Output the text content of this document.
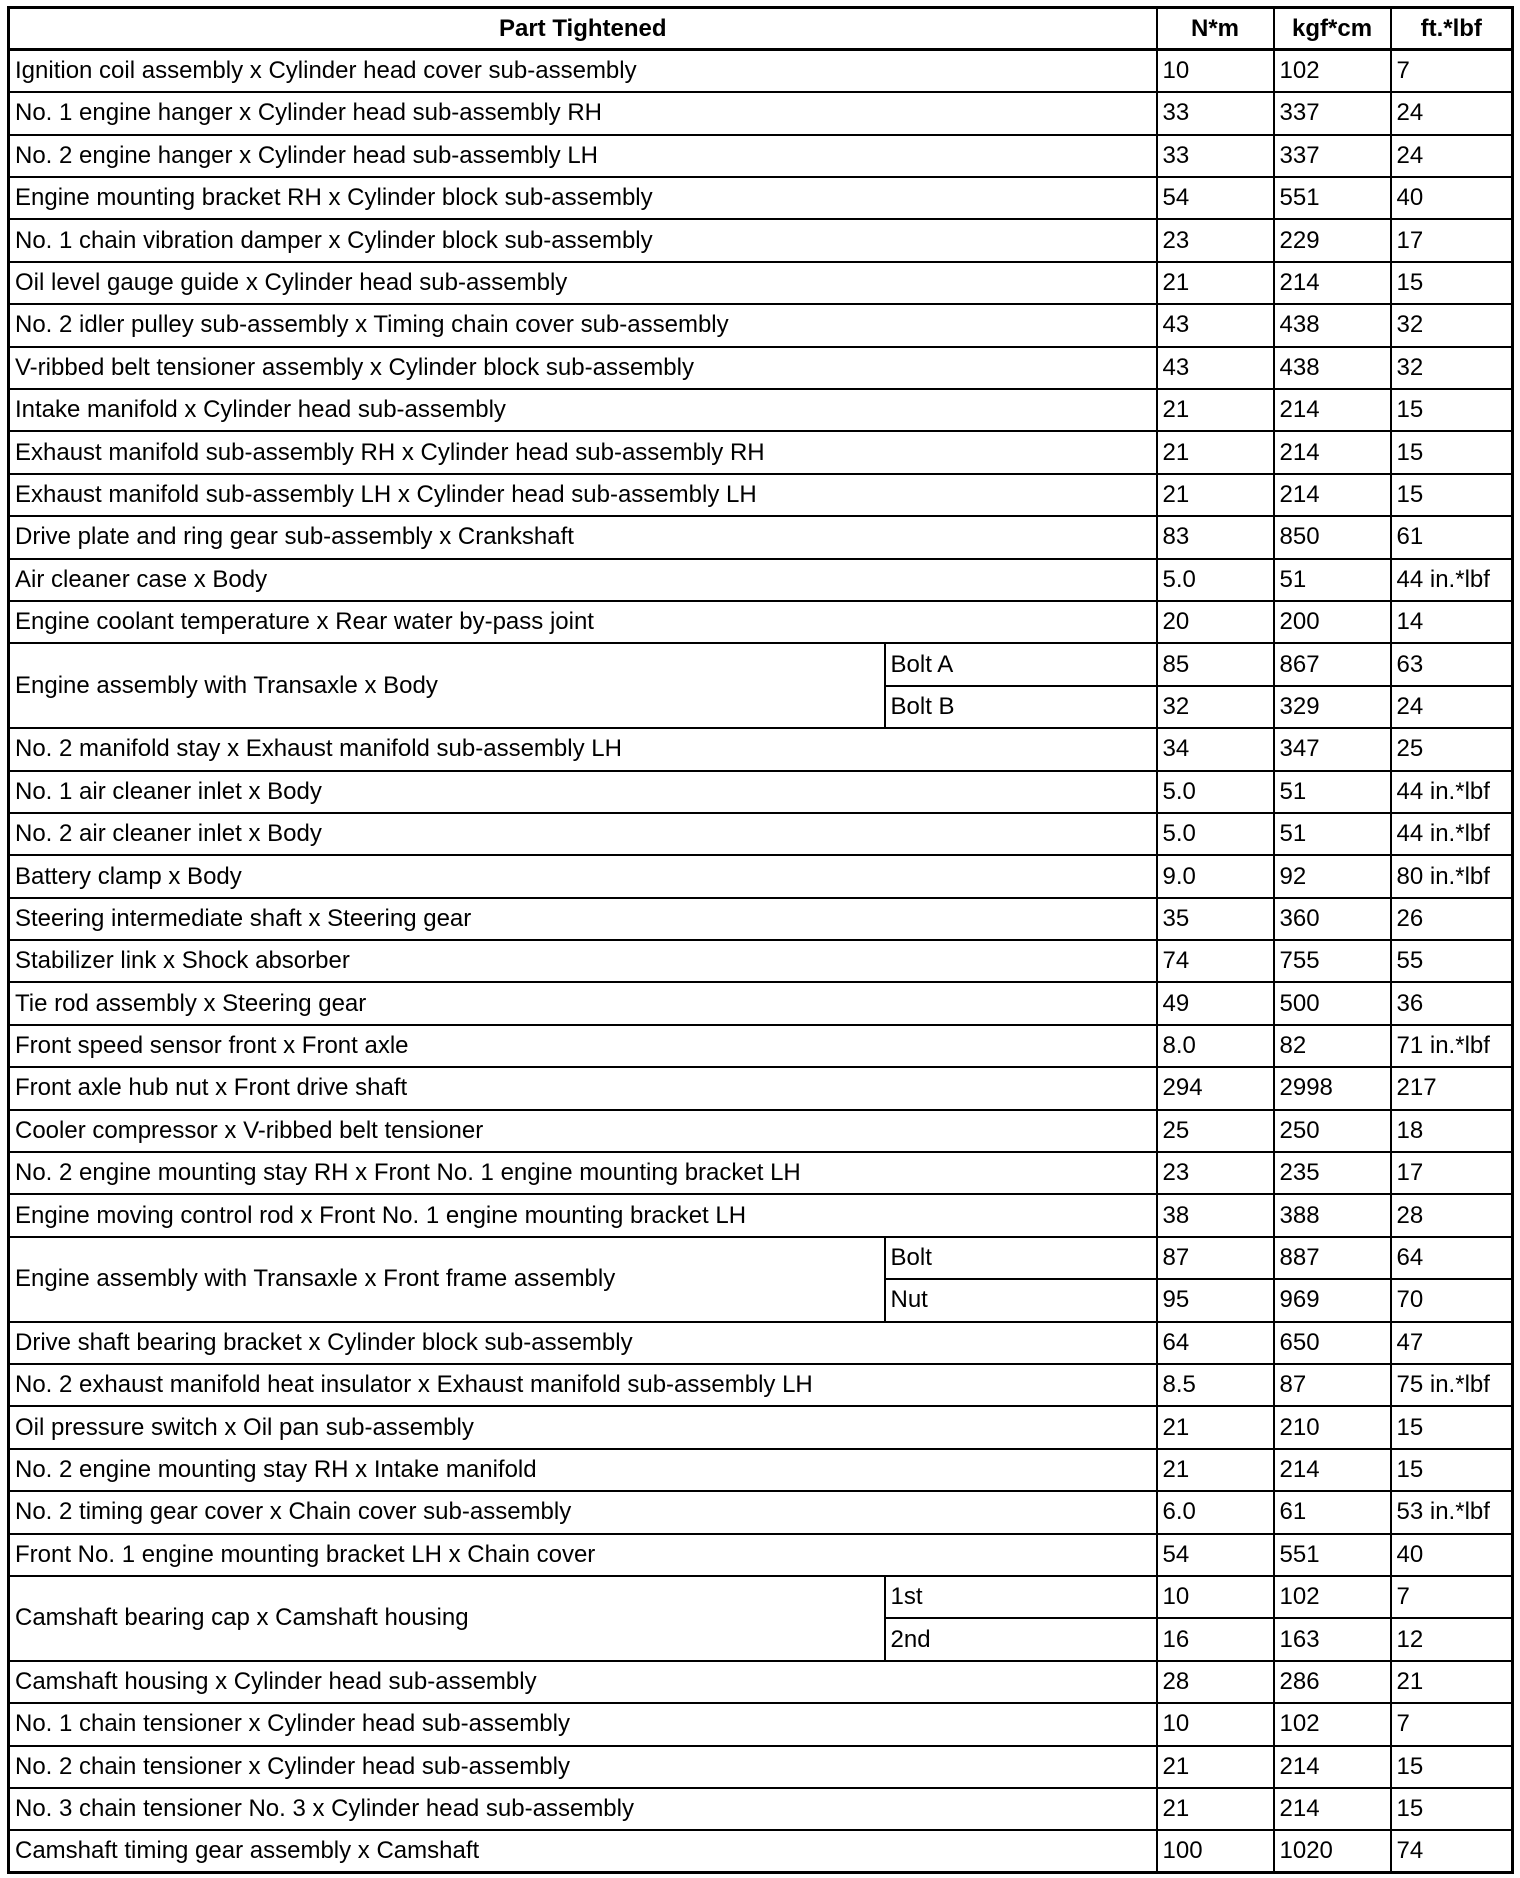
Part Tightened		N*m	kgf*cm	ft.*lbf
Ignition coil assembly x Cylinder head cover sub-assembly		10	102	7
No. 1 engine hanger x Cylinder head sub-assembly RH		33	337	24
No. 2 engine hanger x Cylinder head sub-assembly LH		33	337	24
Engine mounting bracket RH x Cylinder block sub-assembly		54	551	40
No. 1 chain vibration damper x Cylinder block sub-assembly		23	229	17
Oil level gauge guide x Cylinder head sub-assembly		21	214	15
No. 2 idler pulley sub-assembly x Timing chain cover sub-assembly		43	438	32
V-ribbed belt tensioner assembly x Cylinder block sub-assembly		43	438	32
Intake manifold x Cylinder head sub-assembly		21	214	15
Exhaust manifold sub-assembly RH x Cylinder head sub-assembly RH		21	214	15
Exhaust manifold sub-assembly LH x Cylinder head sub-assembly LH		21	214	15
Drive plate and ring gear sub-assembly x Crankshaft		83	850	61
Air cleaner case x Body		5.0	51	44 in.*lbf
Engine coolant temperature x Rear water by-pass joint		20	200	14
Engine assembly with Transaxle x Body	Bolt A	85	867	63
	Bolt B	32	329	24
No. 2 manifold stay x Exhaust manifold sub-assembly LH		34	347	25
No. 1 air cleaner inlet x Body		5.0	51	44 in.*lbf
No. 2 air cleaner inlet x Body		5.0	51	44 in.*lbf
Battery clamp x Body		9.0	92	80 in.*lbf
Steering intermediate shaft x Steering gear		35	360	26
Stabilizer link x Shock absorber		74	755	55
Tie rod assembly x Steering gear		49	500	36
Front speed sensor front x Front axle		8.0	82	71 in.*lbf
Front axle hub nut x Front drive shaft		294	2998	217
Cooler compressor x V-ribbed belt tensioner		25	250	18
No. 2 engine mounting stay RH x Front No. 1 engine mounting bracket LH		23	235	17
Engine moving control rod x Front No. 1 engine mounting bracket LH		38	388	28
Engine assembly with Transaxle x Front frame assembly	Bolt	87	887	64
	Nut	95	969	70
Drive shaft bearing bracket x Cylinder block sub-assembly		64	650	47
No. 2 exhaust manifold heat insulator x Exhaust manifold sub-assembly LH		8.5	87	75 in.*lbf
Oil pressure switch x Oil pan sub-assembly		21	210	15
No. 2 engine mounting stay RH x Intake manifold		21	214	15
No. 2 timing gear cover x Chain cover sub-assembly		6.0	61	53 in.*lbf
Front No. 1 engine mounting bracket LH x Chain cover		54	551	40
Camshaft bearing cap x Camshaft housing	1st	10	102	7
	2nd	16	163	12
Camshaft housing x Cylinder head sub-assembly		28	286	21
No. 1 chain tensioner x Cylinder head sub-assembly		10	102	7
No. 2 chain tensioner x Cylinder head sub-assembly		21	214	15
No. 3 chain tensioner No. 3 x Cylinder head sub-assembly		21	214	15
Camshaft timing gear assembly x Camshaft		100	1020	74
